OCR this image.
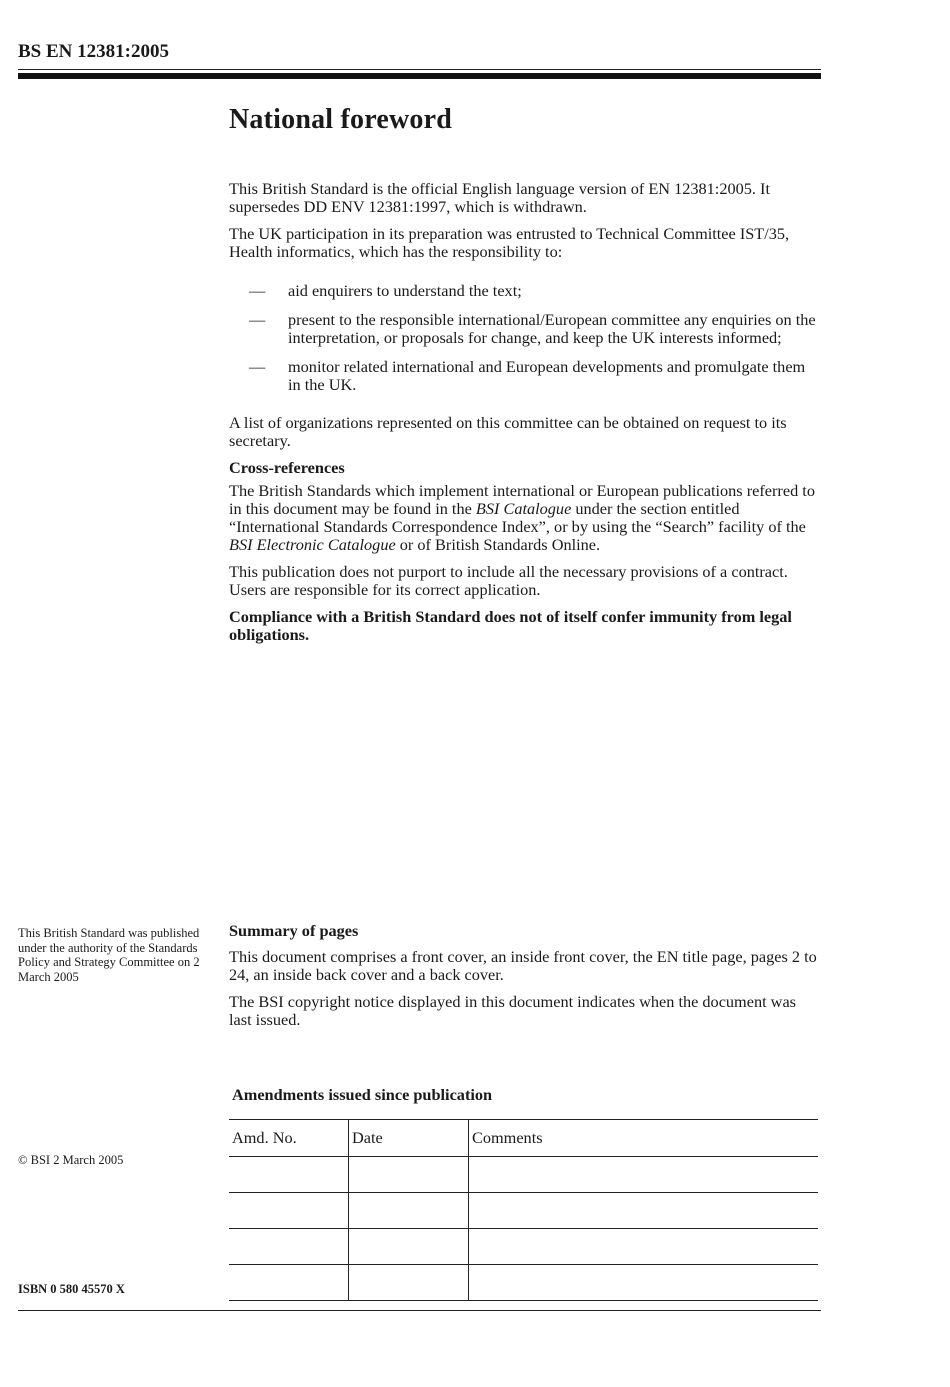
BS EN 12381:2005

National foreword

This British Standard is the official English language version of EN 12381:2005. It supersedes DD ENV 12381:1997, which is withdrawn.

The UK participation in its preparation was entrusted to Technical Committee IST/35, Health informatics, which has the responsibility to:

— aid enquirers to understand the text;
— present to the responsible international/European committee any enquiries on the interpretation, or proposals for change, and keep the UK interests informed;
— monitor related international and European developments and promulgate them in the UK.

A list of organizations represented on this committee can be obtained on request to its secretary.

Cross-references

The British Standards which implement international or European publications referred to in this document may be found in the BSI Catalogue under the section entitled “International Standards Correspondence Index”, or by using the “Search” facility of the BSI Electronic Catalogue or of British Standards Online.

This publication does not purport to include all the necessary provisions of a contract. Users are responsible for its correct application.

Compliance with a British Standard does not of itself confer immunity from legal obligations.

This British Standard was published under the authority of the Standards Policy and Strategy Committee on 2 March 2005

Summary of pages

This document comprises a front cover, an inside front cover, the EN title page, pages 2 to 24, an inside back cover and a back cover.

The BSI copyright notice displayed in this document indicates when the document was last issued.

Amendments issued since publication

Amd. No.	Date	Comments

© BSI 2 March 2005

ISBN 0 580 45570 X
